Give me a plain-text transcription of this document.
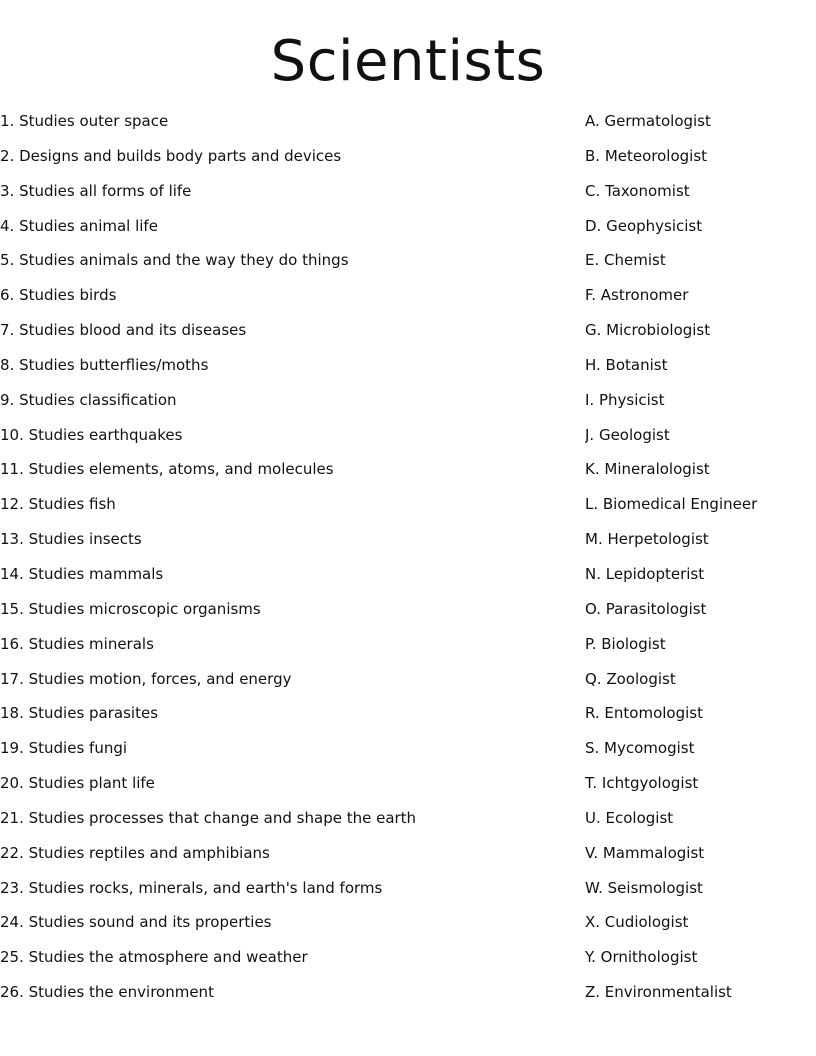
Scientists
1. Studies outer space
2. Designs and builds body parts and devices
3. Studies all forms of life
4. Studies animal life
5. Studies animals and the way they do things
6. Studies birds
7. Studies blood and its diseases
8. Studies butterflies/moths
9. Studies classification
10. Studies earthquakes
11. Studies elements, atoms, and molecules
12. Studies fish
13. Studies insects
14. Studies mammals
15. Studies microscopic organisms
16. Studies minerals
17. Studies motion, forces, and energy
18. Studies parasites
19. Studies fungi
20. Studies plant life
21. Studies processes that change and shape the earth
22. Studies reptiles and amphibians
23. Studies rocks, minerals, and earth's land forms
24. Studies sound and its properties
25. Studies the atmosphere and weather
26. Studies the environment
A. Germatologist
B. Meteorologist
C. Taxonomist
D. Geophysicist
E. Chemist
F. Astronomer
G. Microbiologist
H. Botanist
I. Physicist
J. Geologist
K. Mineralologist
L. Biomedical Engineer
M. Herpetologist
N. Lepidopterist
O. Parasitologist
P. Biologist
Q. Zoologist
R. Entomologist
S. Mycomogist
T. Ichtgyologist
U. Ecologist
V. Mammalogist
W. Seismologist
X. Cudiologist
Y. Ornithologist
Z. Environmentalist
